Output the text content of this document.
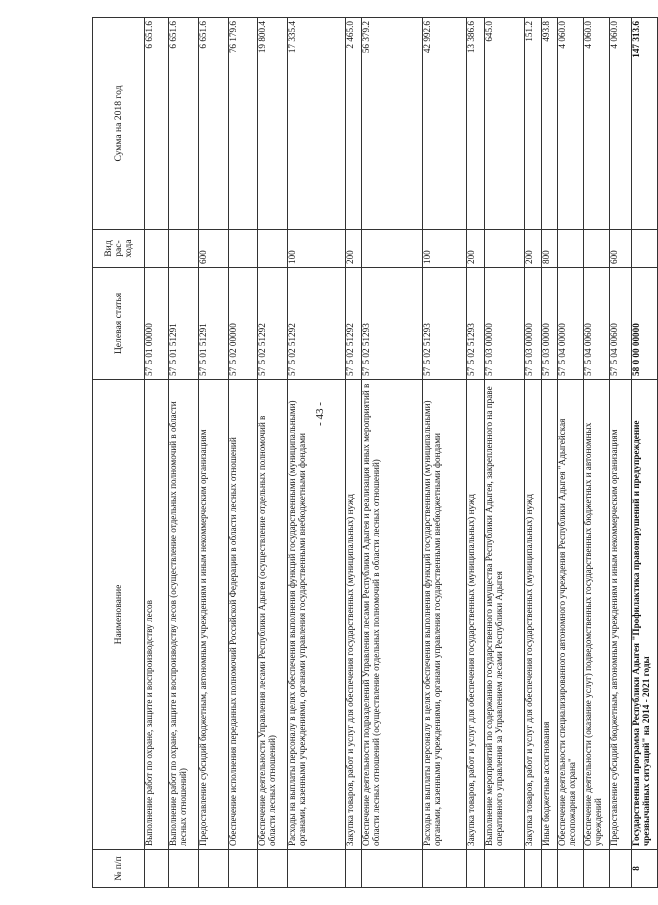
- 43 -
№ п/п	Наименование	Целевая статья	Вид рас- хода	Сумма на 2018 год
	Выполнение работ по охране, защите и воспроизводству лесов	57 5 01 00000		6 651.6
	Выполнение работ по охране, защите и воспроизводству лесов (осуществление отдельных полномочий в области лесных отношений)	57 5 01 51291		6 651.6
	Предоставление субсидий бюджетным, автономным учреждениям и иным некоммерческим организациям	57 5 01 51291	600	6 651.6
	Обеспечение исполнения переданных полномочий Российской Федерации в области лесных отношений	57 5 02 00000		76 179.6
	Обеспечение деятельности Управления лесами Республики Адыгея (осуществление отдельных полномочий в области лесных отношений)	57 5 02 51292		19 800.4
	Расходы на выплаты персоналу в целях обеспечения выполнения функций государственными (муниципальными) органами, казенными учреждениями, органами управления государственными внебюджетными фондами	57 5 02 51292	100	17 335.4
	Закупка товаров, работ и услуг для обеспечения государственных (муниципальных) нужд	57 5 02 51292	200	2 465.0
	Обеспечение деятельности подразделений Управления лесами Республики Адыгея и реализация иных мероприятий в области лесных отношений (осуществление отдельных полномочий в области лесных отношений)	57 5 02 51293		56 379.2
	Расходы на выплаты персоналу в целях обеспечения выполнения функций государственными (муниципальными) органами, казенными учреждениями, органами управления государственными внебюджетными фондами	57 5 02 51293	100	42 992.6
	Закупка товаров, работ и услуг для обеспечения государственных (муниципальных) нужд	57 5 02 51293	200	13 386.6
	Выполнение мероприятий по содержанию государственного имущества Республики Адыгея, закрепленного на праве оперативного управления за Управлением лесами Республики Адыгея	57 5 03 00000		645.0
	Закупка товаров, работ и услуг для обеспечения государственных (муниципальных) нужд	57 5 03 00000	200	151.2
	Иные бюджетные ассигнования	57 5 03 00000	800	493.8
	Обеспечение деятельности специализированного автономного учреждения Республики Адыгея "Адыгейская лесопожарная охрана"	57 5 04 00000		4 060.0
	Обеспечение деятельности (оказание услуг) подведомственных государственных бюджетных и автономных учреждений	57 5 04 00600		4 060.0
	Предоставление субсидий бюджетным, автономным учреждениям и иным некоммерческим организациям	57 5 04 00600	600	4 060.0
8	Государственная программа Республики Адыгея "Профилактика правонарушений и предупреждение чрезвычайных ситуаций" на 2014 - 2021 годы	58 0 00 00000		147 313.6
